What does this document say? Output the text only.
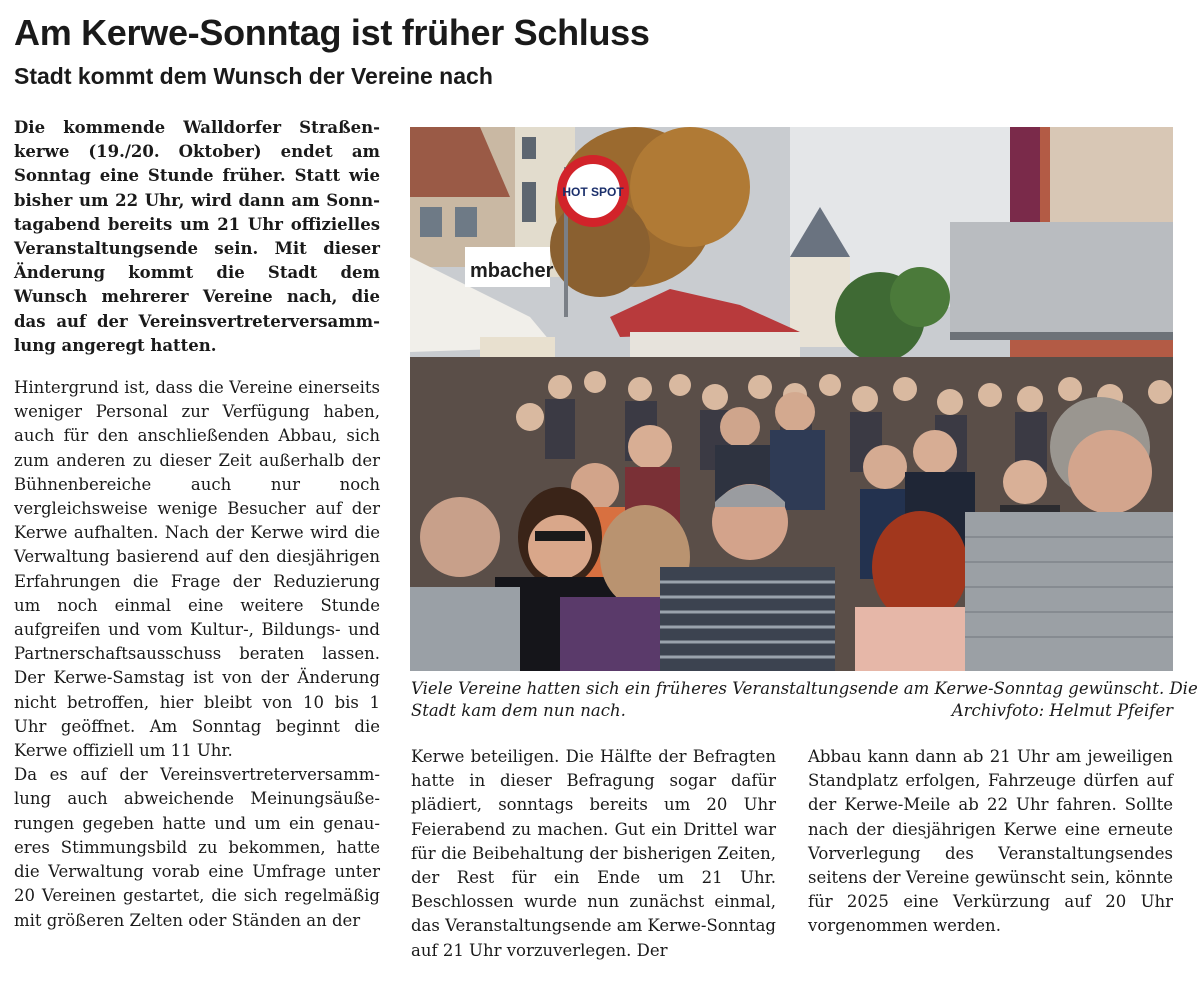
Am Kerwe-Sonntag ist früher Schluss
Stadt kommt dem Wunsch der Vereine nach

Die kommende Walldorfer Straßenkerwe (19./20. Oktober) endet am Sonntag eine Stunde früher. Statt wie bisher um 22 Uhr, wird dann am Sonntagabend bereits um 21 Uhr offizielles Veranstaltungsende sein. Mit dieser Änderung kommt die Stadt dem Wunsch mehrerer Vereine nach, die das auf der Vereinsvertreterversammlung angeregt hatten.

Hintergrund ist, dass die Vereine einerseits weniger Personal zur Verfügung haben, auch für den anschließenden Abbau, sich zum anderen zu dieser Zeit außerhalb der Bühnenbereiche auch nur noch vergleichsweise wenige Besucher auf der Kerwe aufhalten. Nach der Kerwe wird die Verwaltung basierend auf den diesjährigen Erfahrungen die Frage der Reduzierung um noch einmal eine weitere Stunde aufgreifen und vom Kultur-, Bildungs- und Partnerschaftsausschuss beraten lassen. Der Kerwe-Samstag ist von der Änderung nicht betroffen, hier bleibt von 10 bis 1 Uhr geöffnet. Am Sonntag beginnt die Kerwe offiziell um 11 Uhr.

Da es auf der Vereinsvertreterversammlung auch abweichende Meinungsäußerungen gegeben hatte und um ein genaueres Stimmungsbild zu bekommen, hatte die Verwaltung vorab eine Umfrage unter 20 Vereinen gestartet, die sich regelmäßig mit größeren Zelten oder Ständen an der

mbacher
HOT SPOT
Viele Vereine hatten sich ein früheres Veranstaltungsende am Kerwe-Sonntag gewünscht. Die
Stadt kam dem nun nach.	Archivfoto: Helmut Pfeifer

Kerwe beteiligen. Die Hälfte der Befragten hatte in dieser Befragung sogar dafür plädiert, sonntags bereits um 20 Uhr Feierabend zu machen. Gut ein Drittel war für die Beibehaltung der bisherigen Zeiten, der Rest für ein Ende um 21 Uhr. Beschlossen wurde nun zunächst einmal, das Veranstaltungsende am Kerwe-Sonntag auf 21 Uhr vorzuverlegen. Der

Abbau kann dann ab 21 Uhr am jeweiligen Standplatz erfolgen, Fahrzeuge dürfen auf der Kerwe-Meile ab 22 Uhr fahren. Sollte nach der diesjährigen Kerwe eine erneute Vorverlegung des Veranstaltungsendes seitens der Vereine gewünscht sein, könnte für 2025 eine Verkürzung auf 20 Uhr vorgenommen werden.
